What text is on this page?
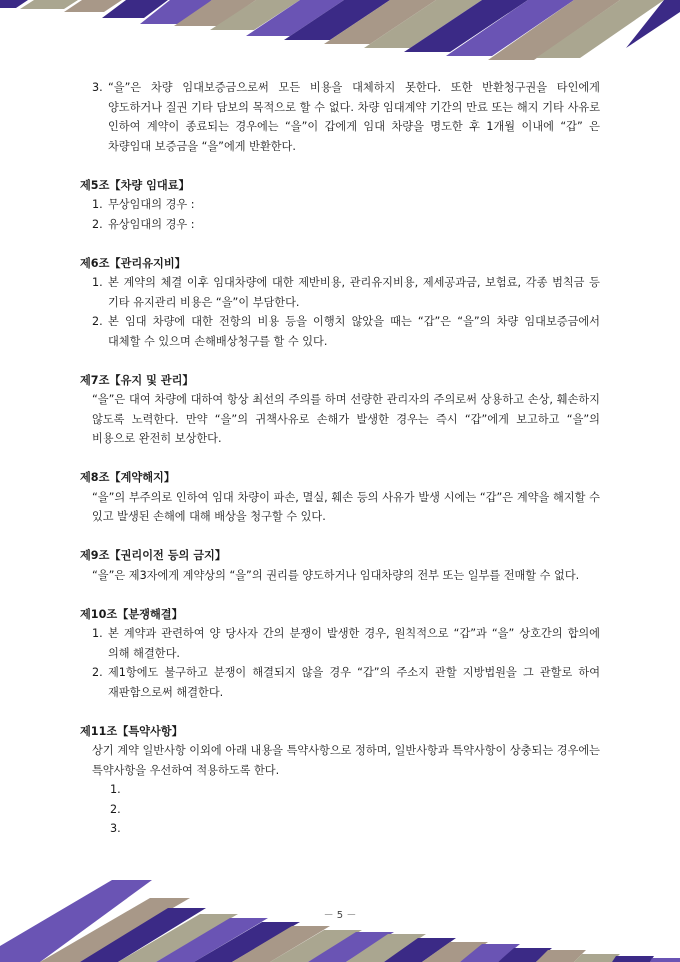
3. “을”은 차량 임대보증금으로써 모든 비용을 대체하지 못한다. 또한 반환청구권을 타인에게 양도하거나 질권 기타 담보의 목적으로 할 수 없다. 차량 임대계약 기간의 만료 또는 해지 기타 사유로 인하여 계약이 종료되는 경우에는 “을”이 갑에게 임대 차량을 명도한 후 1개월 이내에 “갑” 은 차량임대 보증금을 “을”에게 반환한다.

제5조【차량 임대료】

1. 무상임대의 경우 :
2. 유상임대의 경우 :

제6조【관리유지비】

1. 본 계약의 체결 이후 임대차량에 대한 제반비용, 관리유지비용, 제세공과금, 보험료, 각종 범칙금 등 기타 유지관리 비용은 “을”이 부담한다.
2. 본 임대 차량에 대한 전항의 비용 등을 이행치 않았을 때는 “갑”은 “을”의 차량 임대보증금에서 대체할 수 있으며 손해배상청구를 할 수 있다.

제7조【유지 및 관리】

“을”은 대여 차량에 대하여 항상 최선의 주의를 하며 선량한 관리자의 주의로써 상용하고 손상, 훼손하지 않도록 노력한다. 만약 “을”의 귀책사유로 손해가 발생한 경우는 즉시 “갑”에게 보고하고 “을”의 비용으로 완전히 보상한다.

제8조【계약해지】

“을”의 부주의로 인하여 임대 차량이 파손, 멸실, 훼손 등의 사유가 발생 시에는 “갑”은 계약을 해지할 수 있고 발생된 손해에 대해 배상을 청구할 수 있다.

제9조【권리이전 등의 금지】

“을”은 제3자에게 계약상의 “을”의 권리를 양도하거나 임대차량의 전부 또는 일부를 전매할 수 없다.

제10조【분쟁해결】

1. 본 계약과 관련하여 양 당사자 간의 분쟁이 발생한 경우, 원칙적으로 “갑”과 “을” 상호간의 합의에 의해 해결한다.
2. 제1항에도 불구하고 분쟁이 해결되지 않을 경우 “갑”의 주소지 관할 지방법원을 그 관할로 하여 재판함으로써 해결한다.

제11조【특약사항】

상기 계약 일반사항 이외에 아래 내용을 특약사항으로 정하며, 일반사항과 특약사항이 상충되는 경우에는 특약사항을 우선하여 적용하도록 한다.

1.

2.

3.

－ 5 －
